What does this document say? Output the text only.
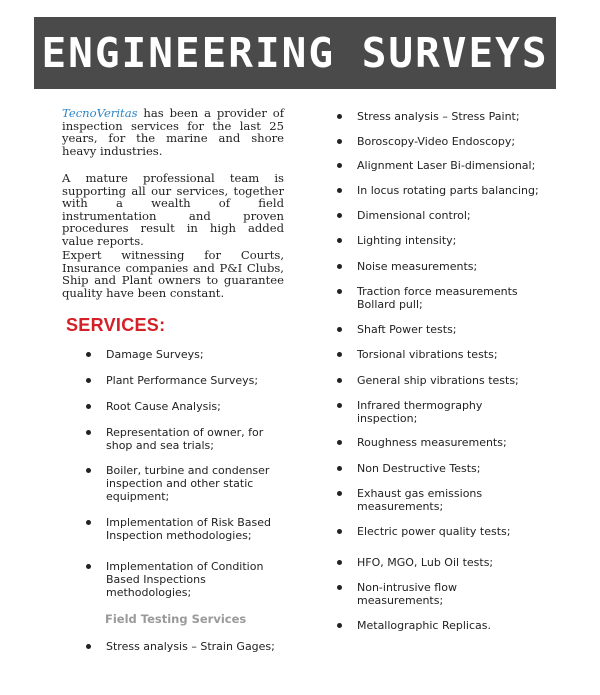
ENGINEERING SURVEYS

TecnoVeritas has been a provider of inspection services for the last 25 years, for the marine and shore heavy industries.

A mature professional team is supporting all our services, together with a wealth of field instrumentation and proven procedures result in high added value reports.

Expert witnessing for Courts, Insurance companies and P&I Clubs, Ship and Plant owners to guarantee quality have been constant.

SERVICES:
Damage Surveys;
Plant Performance Surveys;
Root Cause Analysis;
Representation of owner, for
shop and sea trials;
Boiler, turbine and condenser
inspection and other static
equipment;
Implementation of Risk Based
Inspection methodologies;
Implementation of Condition
Based Inspections
methodologies;
Stress analysis – Strain Gages;
Field Testing Services
Stress analysis – Stress Paint;
Boroscopy-Video Endoscopy;
Alignment Laser Bi-dimensional;
In locus rotating parts balancing;
Dimensional control;
Lighting intensity;
Noise measurements;
Traction force measurements
Bollard pull;
Shaft Power tests;
Torsional vibrations tests;
General ship vibrations tests;
Infrared thermography
inspection;
Roughness measurements;
Non Destructive Tests;
Exhaust gas emissions
measurements;
Electric power quality tests;
HFO, MGO, Lub Oil tests;
Non-intrusive flow
measurements;
Metallographic Replicas.
